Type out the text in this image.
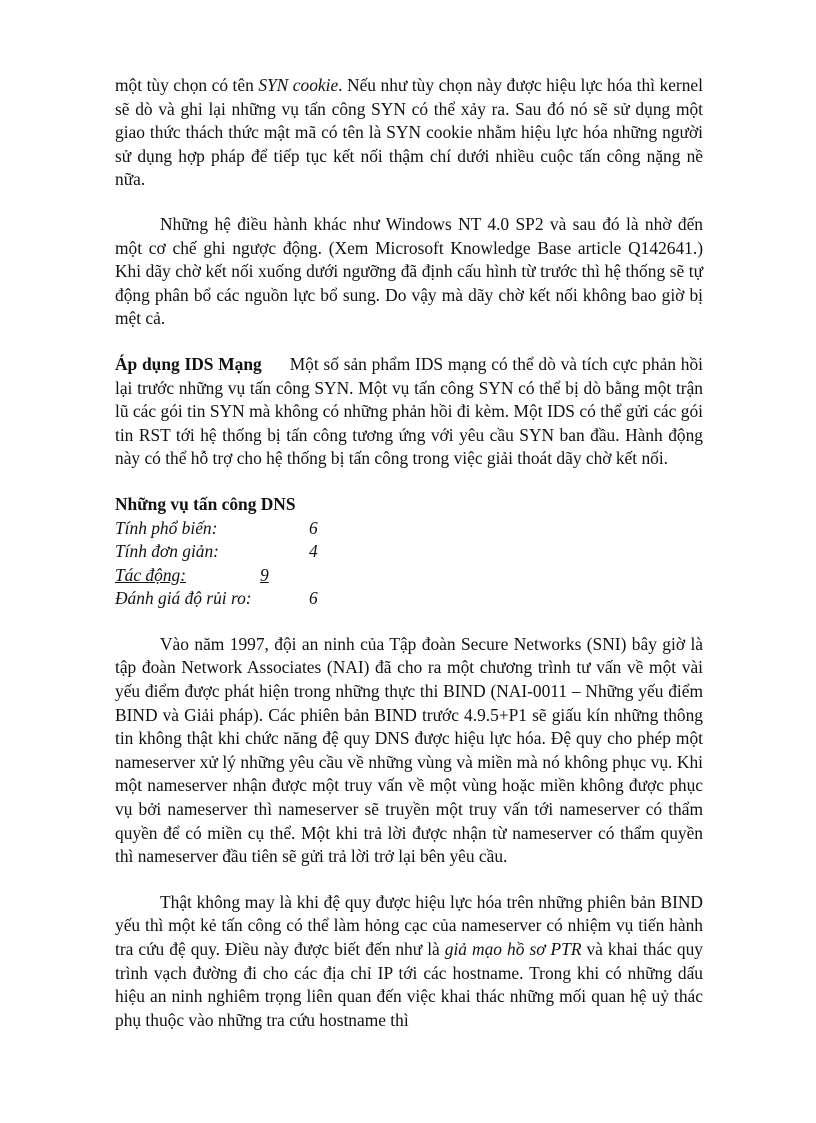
một tùy chọn có tên SYN cookie. Nếu như tùy chọn này được hiệu lực hóa thì kernel sẽ dò và ghi lại những vụ tấn công SYN có thể xảy ra. Sau đó nó sẽ sử dụng một giao thức thách thức mật mã có tên là SYN cookie nhằm hiệu lực hóa những người sử dụng hợp pháp để tiếp tục kết nối thậm chí dưới nhiều cuộc tấn công nặng nề nữa.

Những hệ điều hành khác như Windows NT 4.0 SP2 và sau đó là nhờ đến một cơ chế ghi ngược động. (Xem Microsoft Knowledge Base article Q142641.) Khi dãy chờ kết nối xuống dưới ngưỡng đã định cấu hình từ trước thì hệ thống sẽ tự động phân bổ các nguồn lực bổ sung. Do vậy mà dãy chờ kết nối không bao giờ bị mệt cả.

Áp dụng IDS Mạng Một số sản phẩm IDS mạng có thể dò và tích cực phản hồi lại trước những vụ tấn công SYN. Một vụ tấn công SYN có thể bị dò bằng một trận lũ các gói tin SYN mà không có những phản hồi đi kèm. Một IDS có thể gửi các gói tin RST tới hệ thống bị tấn công tương ứng với yêu cầu SYN ban đầu. Hành động này có thể hỗ trợ cho hệ thống bị tấn công trong việc giải thoát dãy chờ kết nối.

Những vụ tấn công DNS
Tính phổ biến:	6
Tính đơn giản:	4
Tác động:	9
Đánh giá độ rủi ro:	6

Vào năm 1997, đội an ninh của Tập đoàn Secure Networks (SNI) bây giờ là tập đoàn Network Associates (NAI) đã cho ra một chương trình tư vấn về một vài yếu điểm được phát hiện trong những thực thi BIND (NAI-0011 – Những yếu điểm BIND và Giải pháp). Các phiên bản BIND trước 4.9.5+P1 sẽ giấu kín những thông tin không thật khi chức năng đệ quy DNS được hiệu lực hóa. Đệ quy cho phép một nameserver xử lý những yêu cầu về những vùng và miền mà nó không phục vụ. Khi một nameserver nhận được một truy vấn về một vùng hoặc miền không được phục vụ bởi nameserver thì nameserver sẽ truyền một truy vấn tới nameserver có thẩm quyền để có miền cụ thể. Một khi trả lời được nhận từ nameserver có thẩm quyền thì nameserver đầu tiên sẽ gửi trả lời trở lại bên yêu cầu.

Thật không may là khi đệ quy được hiệu lực hóa trên những phiên bản BIND yếu thì một kẻ tấn công có thể làm hỏng cạc của nameserver có nhiệm vụ tiến hành tra cứu đệ quy. Điều này được biết đến như là giả mạo hồ sơ PTR và khai thác quy trình vạch đường đi cho các địa chỉ IP tới các hostname. Trong khi có những dấu hiệu an ninh nghiêm trọng liên quan đến việc khai thác những mối quan hệ uỷ thác phụ thuộc vào những tra cứu hostname thì
